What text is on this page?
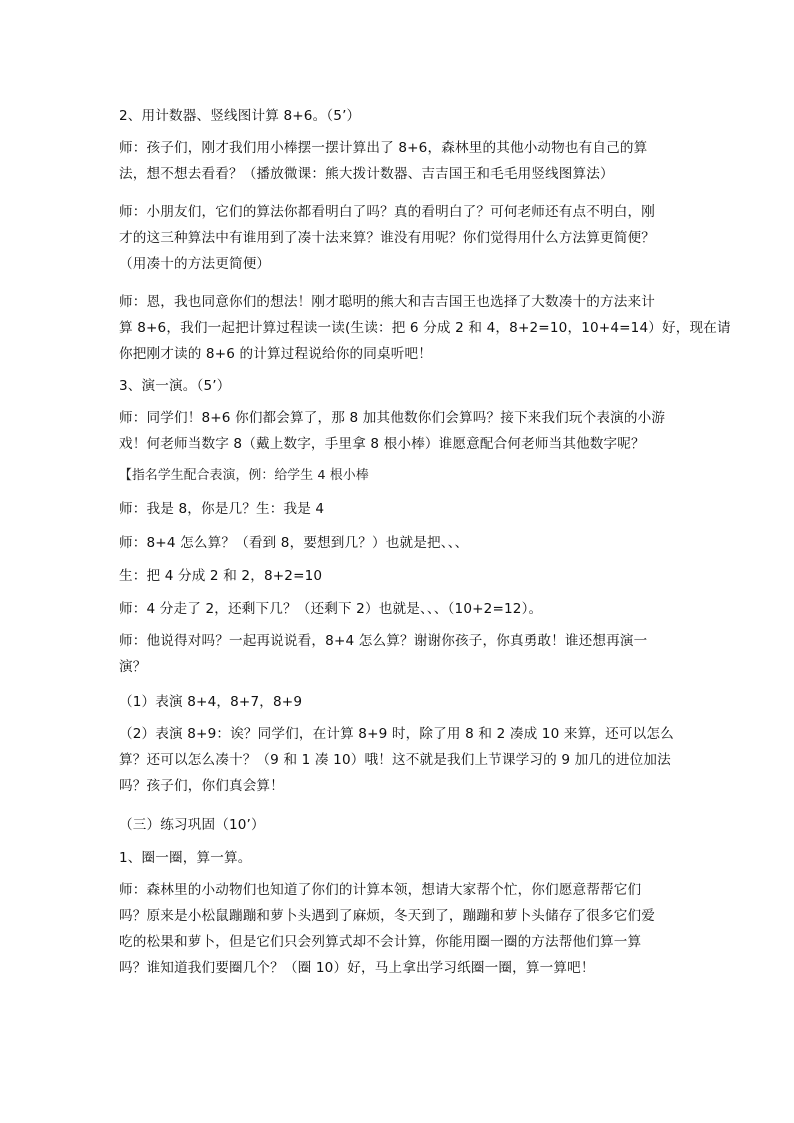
2、用计数器、竖线图计算 8+6。（5’）
师：孩子们，刚才我们用小棒摆一摆计算出了 8+6，森林里的其他小动物也有自己的算
法，想不想去看看？（播放微课：熊大拨计数器、吉吉国王和毛毛用竖线图算法）
师：小朋友们，它们的算法你都看明白了吗？真的看明白了？可何老师还有点不明白，刚
才的这三种算法中有谁用到了凑十法来算？谁没有用呢？你们觉得用什么方法算更简便？
（用凑十的方法更简便）
师：恩，我也同意你们的想法！刚才聪明的熊大和吉吉国王也选择了大数凑十的方法来计
算 8+6，我们一起把计算过程读一读(生读：把 6 分成 2 和 4，8+2=10，10+4=14）好，现在请
你把刚才读的 8+6 的计算过程说给你的同桌听吧！
3、演一演。（5’）
师：同学们！8+6 你们都会算了，那 8 加其他数你们会算吗？接下来我们玩个表演的小游
戏！何老师当数字 8（戴上数字，手里拿 8 根小棒）谁愿意配合何老师当其他数字呢？
【指名学生配合表演，例：给学生 4 根小棒
师：我是 8，你是几？生：我是 4
师：8+4 怎么算？（看到 8，要想到几？）也就是把、、、
生：把 4 分成 2 和 2，8+2=10
师：4 分走了 2，还剩下几？（还剩下 2）也就是、、、（10+2=12）。
师：他说得对吗？一起再说说看，8+4 怎么算？谢谢你孩子，你真勇敢！谁还想再演一
演？
（1）表演 8+4，8+7，8+9
（2）表演 8+9：诶？同学们，在计算 8+9 时，除了用 8 和 2 凑成 10 来算，还可以怎么
算？还可以怎么凑十？（9 和 1 凑 10）哦！这不就是我们上节课学习的 9 加几的进位加法
吗？孩子们，你们真会算！
（三）练习巩固（10’）
1、圈一圈，算一算。
师：森林里的小动物们也知道了你们的计算本领，想请大家帮个忙，你们愿意帮帮它们
吗？原来是小松鼠蹦蹦和萝卜头遇到了麻烦，冬天到了，蹦蹦和萝卜头储存了很多它们爱
吃的松果和萝卜，但是它们只会列算式却不会计算，你能用圈一圈的方法帮他们算一算
吗？谁知道我们要圈几个？（圈 10）好，马上拿出学习纸圈一圈，算一算吧！
